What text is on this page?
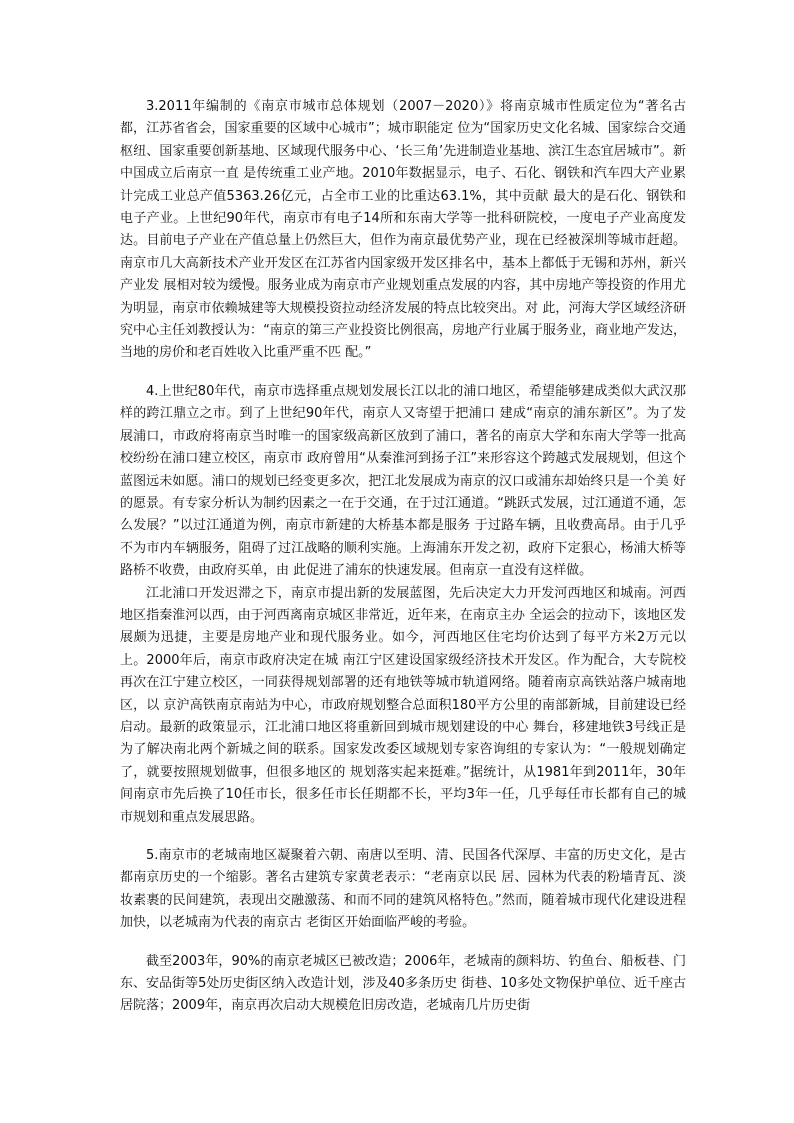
3.2011年编制的《南京市城市总体规划（2007－2020）》将南京城市性质定位为“著名古都，江苏省省会，国家重要的区域中心城市”；城市职能定 位为“国家历史文化名城、国家综合交通枢纽、国家重要创新基地、区域现代服务中心、‘长三角’先进制造业基地、滨江生态宜居城市”。新中国成立后南京一直 是传统重工业产地。2010年数据显示，电子、石化、钢铁和汽车四大产业累计完成工业总产值5363.26亿元，占全市工业的比重达63.1%，其中贡献 最大的是石化、钢铁和电子产业。上世纪90年代，南京市有电子14所和东南大学等一批科研院校，一度电子产业高度发达。目前电子产业在产值总量上仍然巨大，但作为南京最优势产业，现在已经被深圳等城市赶超。南京市几大高新技术产业开发区在江苏省内国家级开发区排名中，基本上都低于无锡和苏州，新兴产业发 展相对较为缓慢。服务业成为南京市产业规划重点发展的内容，其中房地产等投资的作用尤为明显，南京市依赖城建等大规模投资拉动经济发展的特点比较突出。对 此，河海大学区域经济研究中心主任刘教授认为：“南京的第三产业投资比例很高，房地产行业属于服务业，商业地产发达，当地的房价和老百姓收入比重严重不匹 配。”

4.上世纪80年代，南京市选择重点规划发展长江以北的浦口地区，希望能够建成类似大武汉那样的跨江鼎立之市。到了上世纪90年代，南京人又寄望于把浦口 建成“南京的浦东新区”。为了发展浦口，市政府将南京当时唯一的国家级高新区放到了浦口，著名的南京大学和东南大学等一批高校纷纷在浦口建立校区，南京市 政府曾用“从秦淮河到扬子江”来形容这个跨越式发展规划，但这个蓝图远未如愿。浦口的规划已经变更多次，把江北发展成为南京的汉口或浦东却始终只是一个美 好的愿景。有专家分析认为制约因素之一在于交通，在于过江通道。“跳跃式发展，过江通道不通，怎么发展？”以过江通道为例，南京市新建的大桥基本都是服务 于过路车辆，且收费高昂。由于几乎不为市内车辆服务，阻碍了过江战略的顺利实施。上海浦东开发之初，政府下定狠心，杨浦大桥等路桥不收费，由政府买单，由 此促进了浦东的快速发展。但南京一直没有这样做。

江北浦口开发迟滞之下，南京市提出新的发展蓝图，先后决定大力开发河西地区和城南。河西地区指秦淮河以西，由于河西离南京城区非常近，近年来，在南京主办 全运会的拉动下，该地区发展颇为迅捷，主要是房地产业和现代服务业。如今，河西地区住宅均价达到了每平方米2万元以上。2000年后，南京市政府决定在城 南江宁区建设国家级经济技术开发区。作为配合，大专院校再次在江宁建立校区，一同获得规划部署的还有地铁等城市轨道网络。随着南京高铁站落户城南地区，以 京沪高铁南京南站为中心，市政府规划整合总面积180平方公里的南部新城，目前建设已经启动。最新的政策显示，江北浦口地区将重新回到城市规划建设的中心 舞台，移建地铁3号线正是为了解决南北两个新城之间的联系。国家发改委区域规划专家咨询组的专家认为：“一般规划确定了，就要按照规划做事，但很多地区的 规划落实起来挺难。”据统计，从1981年到2011年，30年间南京市先后换了10任市长，很多任市长任期都不长，平均3年一任，几乎每任市长都有自己的城市规划和重点发展思路。

5.南京市的老城南地区凝聚着六朝、南唐以至明、清、民国各代深厚、丰富的历史文化，是古都南京历史的一个缩影。著名古建筑专家黄老表示：“老南京以民 居、园林为代表的粉墙青瓦、淡妆素裹的民间建筑，表现出交融激荡、和而不同的建筑风格特色。”然而，随着城市现代化建设进程加快，以老城南为代表的南京古 老街区开始面临严峻的考验。

截至2003年，90%的南京老城区已被改造；2006年，老城南的颜料坊、钓鱼台、船板巷、门东、安品街等5处历史街区纳入改造计划，涉及40多条历史 街巷、10多处文物保护单位、近千座古居院落；2009年，南京再次启动大规模危旧房改造，老城南几片历史街
